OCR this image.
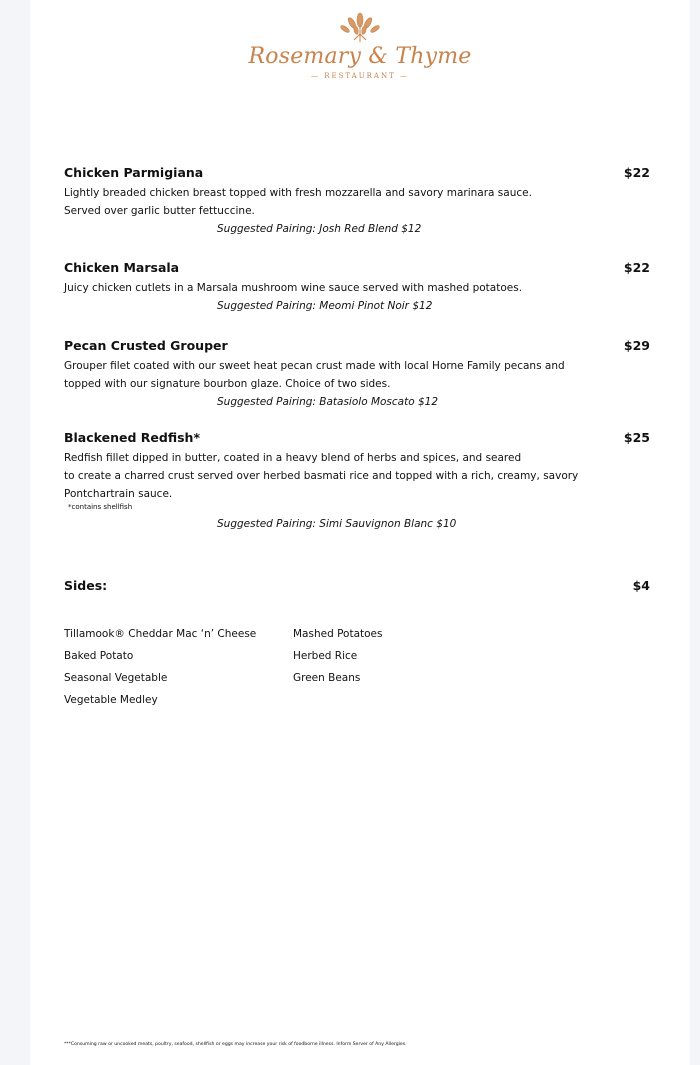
Rosemary & Thyme
— RESTAURANT —
Chicken Parmigiana	$22
Lightly breaded chicken breast topped with fresh mozzarella and savory marinara sauce.
Served over garlic butter fettuccine.
Suggested Pairing: Josh Red Blend $12
Chicken Marsala	$22
Juicy chicken cutlets in a Marsala mushroom wine sauce served with mashed potatoes.
Suggested Pairing: Meomi Pinot Noir $12
Pecan Crusted Grouper	$29
Grouper filet coated with our sweet heat pecan crust made with local Horne Family pecans and
topped with our signature bourbon glaze. Choice of two sides.
Suggested Pairing: Batasiolo Moscato $12
Blackened Redfish*	$25
Redfish fillet dipped in butter, coated in a heavy blend of herbs and spices, and seared
to create a charred crust served over herbed basmati rice and topped with a rich, creamy, savory
Pontchartrain sauce.
*contains shellfish
Suggested Pairing: Simi Sauvignon Blanc $10
Sides:	$4
Tillamook® Cheddar Mac ‘n’ Cheese
Baked Potato
Seasonal Vegetable
Vegetable Medley
Mashed Potatoes
Herbed Rice
Green Beans
***Consuming raw or uncooked meats, poultry, seafood, shellfish or eggs may increase your risk of foodborne illness. Inform Server of Any Allergies.
